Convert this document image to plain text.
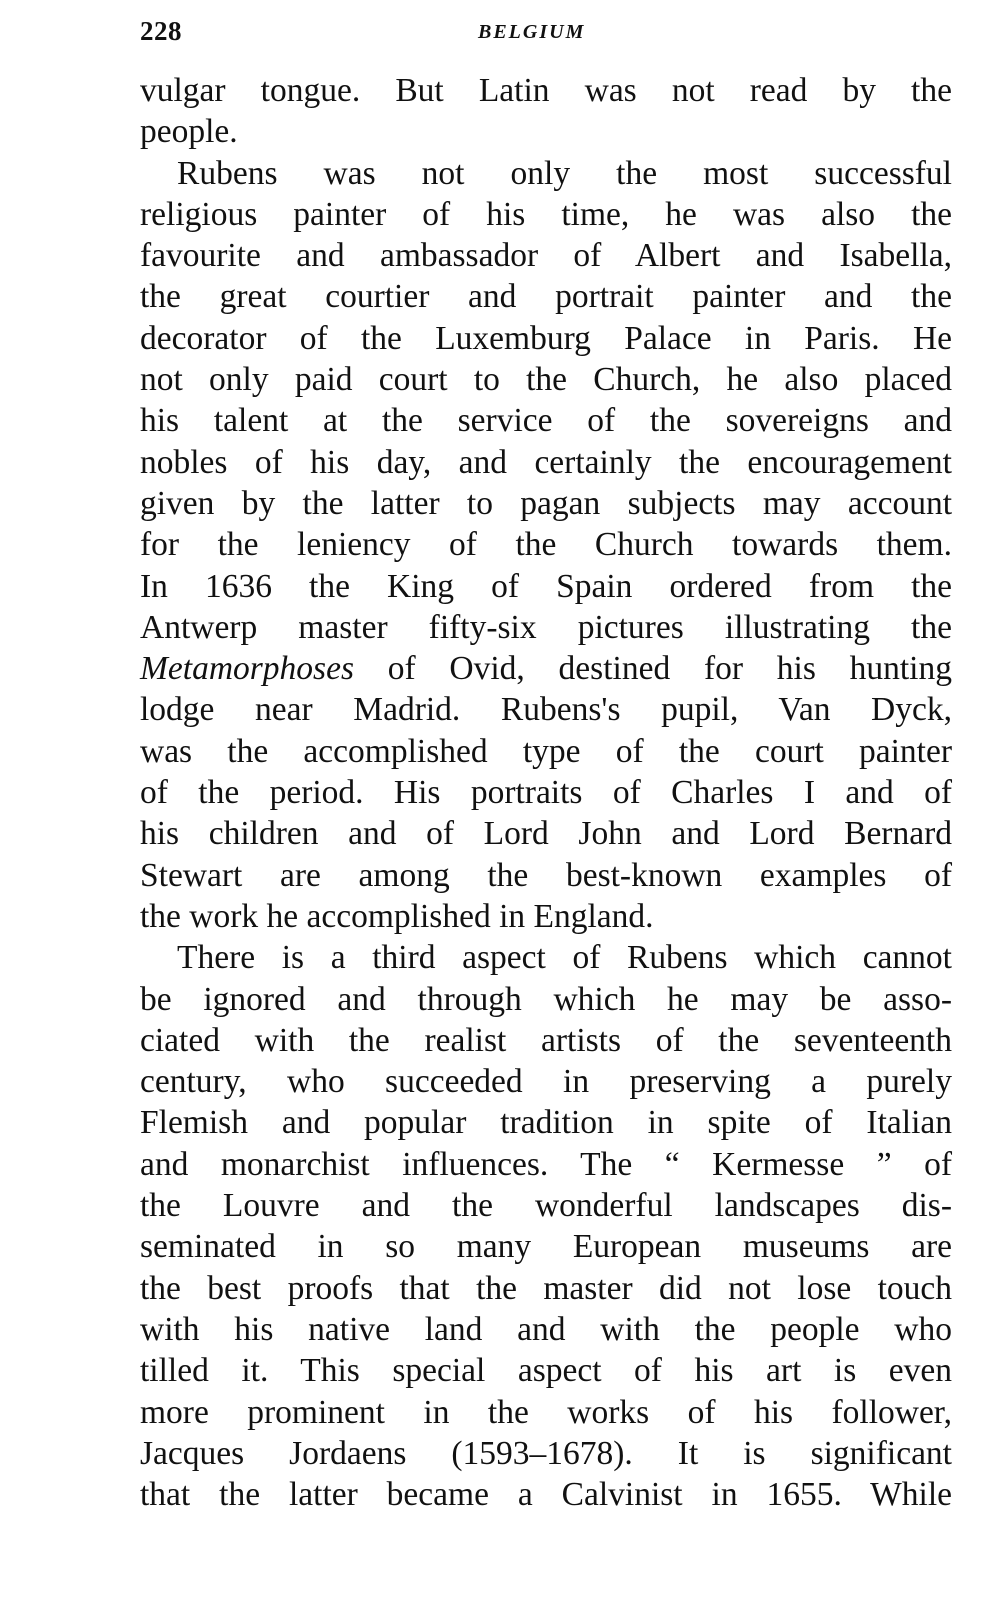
228	BELGIUM
vulgar tongue. But Latin was not read by the
people.
Rubens was not only the most successful
religious painter of his time, he was also the
favourite and ambassador of Albert and Isabella,
the great courtier and portrait painter and the
decorator of the Luxemburg Palace in Paris. He
not only paid court to the Church, he also placed
his talent at the service of the sovereigns and
nobles of his day, and certainly the encouragement
given by the latter to pagan subjects may account
for the leniency of the Church towards them.
In 1636 the King of Spain ordered from the
Antwerp master fifty-six pictures illustrating the
Metamorphoses of Ovid, destined for his hunting
lodge near Madrid. Rubens's pupil, Van Dyck,
was the accomplished type of the court painter
of the period. His portraits of Charles I and of
his children and of Lord John and Lord Bernard
Stewart are among the best-known examples of
the work he accomplished in England.
There is a third aspect of Rubens which cannot
be ignored and through which he may be asso-
ciated with the realist artists of the seventeenth
century, who succeeded in preserving a purely
Flemish and popular tradition in spite of Italian
and monarchist influences. The “ Kermesse ” of
the Louvre and the wonderful landscapes dis-
seminated in so many European museums are
the best proofs that the master did not lose touch
with his native land and with the people who
tilled it. This special aspect of his art is even
more prominent in the works of his follower,
Jacques Jordaens (1593–1678). It is significant
that the latter became a Calvinist in 1655. While
